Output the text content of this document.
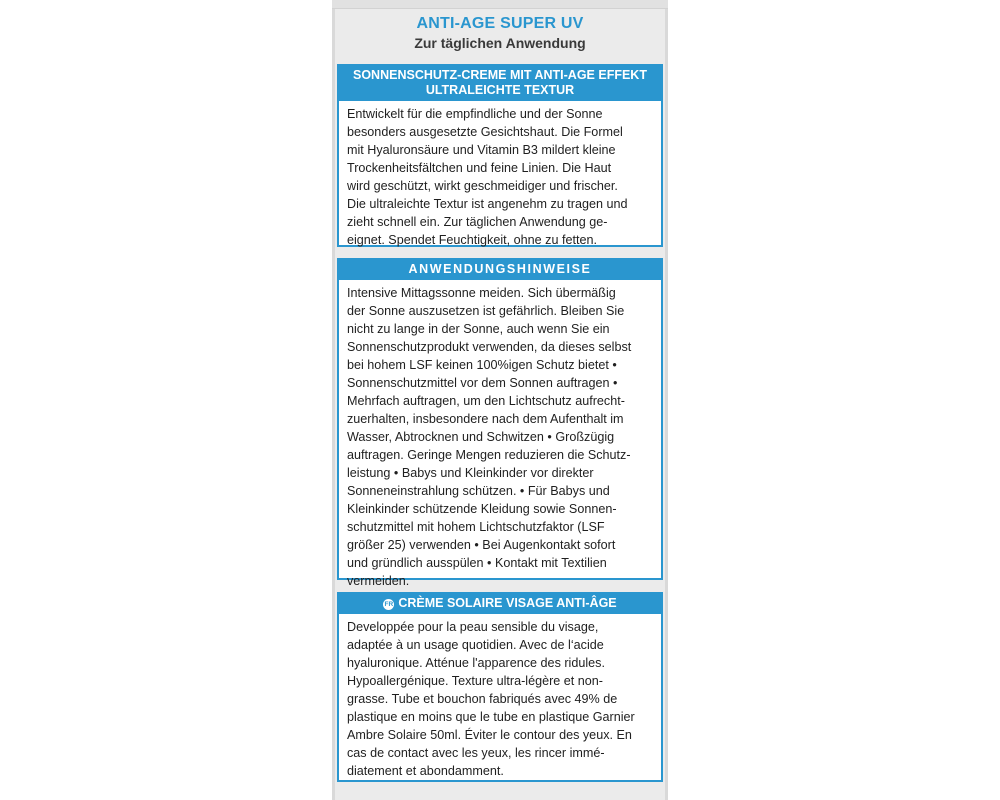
ANTI-AGE SUPER UV
Zur täglichen Anwendung
SONNENSCHUTZ-CREME MIT ANTI-AGE EFFEKT
ULTRALEICHTE TEXTUR
Entwickelt für die empfindliche und der Sonne
besonders ausgesetzte Gesichtshaut. Die Formel
mit Hyaluronsäure und Vitamin B3 mildert kleine
Trockenheitsfältchen und feine Linien. Die Haut
wird geschützt, wirkt geschmeidiger und frischer.
Die ultraleichte Textur ist angenehm zu tragen und
zieht schnell ein. Zur täglichen Anwendung ge-
eignet. Spendet Feuchtigkeit, ohne zu fetten.
ANWENDUNGSHINWEISE
Intensive Mittagssonne meiden. Sich übermäßig
der Sonne auszusetzen ist gefährlich. Bleiben Sie
nicht zu lange in der Sonne, auch wenn Sie ein
Sonnenschutzprodukt verwenden, da dieses selbst
bei hohem LSF keinen 100%igen Schutz bietet •
Sonnenschutzmittel vor dem Sonnen auftragen •
Mehrfach auftragen, um den Lichtschutz aufrecht-
zuerhalten, insbesondere nach dem Aufenthalt im
Wasser, Abtrocknen und Schwitzen • Großzügig
auftragen. Geringe Mengen reduzieren die Schutz-
leistung • Babys und Kleinkinder vor direkter
Sonneneinstrahlung schützen. • Für Babys und
Kleinkinder schützende Kleidung sowie Sonnen-
schutzmittel mit hohem Lichtschutzfaktor (LSF
größer 25) verwenden • Bei Augenkontakt sofort
und gründlich ausspülen • Kontakt mit Textilien
vermeiden.
FR CRÈME SOLAIRE VISAGE ANTI-ÂGE
Developpée pour la peau sensible du visage,
adaptée à un usage quotidien. Avec de l‘acide
hyaluronique. Atténue l'apparence des ridules.
Hypoallergénique. Texture ultra-légère et non-
grasse. Tube et bouchon fabriqués avec 49% de
plastique en moins que le tube en plastique Garnier
Ambre Solaire 50ml. Éviter le contour des yeux. En
cas de contact avec les yeux, les rincer immé-
diatement et abondamment.
